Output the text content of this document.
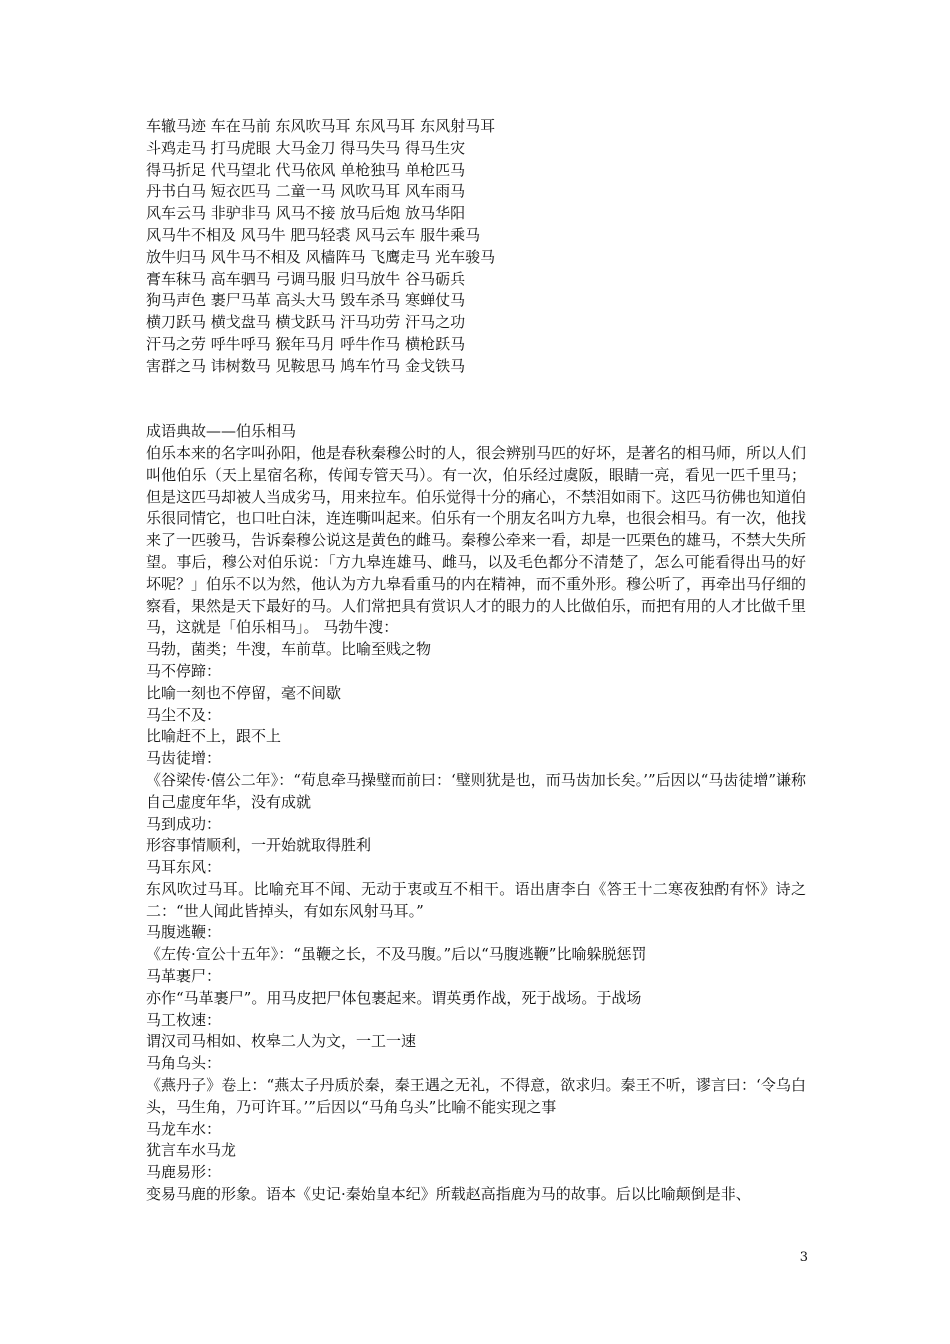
车辙马迹 车在马前 东风吹马耳 东风马耳 东风射马耳
斗鸡走马 打马虎眼 大马金刀 得马失马 得马生灾
得马折足 代马望北 代马依风 单枪独马 单枪匹马
丹书白马 短衣匹马 二童一马 风吹马耳 风车雨马
风车云马 非驴非马 风马不接 放马后炮 放马华阳
风马牛不相及 风马牛 肥马轻裘 风马云车 服牛乘马
放牛归马 风牛马不相及 风樯阵马 飞鹰走马 光车骏马
膏车秣马 高车驷马 弓调马服 归马放牛 谷马砺兵
狗马声色 裹尸马革 高头大马 毁车杀马 寒蝉仗马
横刀跃马 横戈盘马 横戈跃马 汗马功劳 汗马之功
汗马之劳 呼牛呼马 猴年马月 呼牛作马 横枪跃马
害群之马 讳树数马 见鞍思马 鸠车竹马 金戈铁马
成语典故——伯乐相马
伯乐本来的名字叫孙阳，他是春秋秦穆公时的人，很会辨别马匹的好坏，是著名的相马师，所以人们叫他伯乐（天上星宿名称，传闻专管天马）。有一次，伯乐经过虞阪，眼睛一亮，看见一匹千里马；但是这匹马却被人当成劣马，用来拉车。伯乐觉得十分的痛心，不禁泪如雨下。这匹马彷佛也知道伯乐很同情它，也口吐白沫，连连嘶叫起来。伯乐有一个朋友名叫方九皋，也很会相马。有一次，他找来了一匹骏马，告诉秦穆公说这是黄色的雌马。秦穆公牵来一看，却是一匹栗色的雄马，不禁大失所望。事后，穆公对伯乐说：「方九皋连雄马、雌马，以及毛色都分不清楚了，怎么可能看得出马的好坏呢？」伯乐不以为然，他认为方九皋看重马的内在精神，而不重外形。穆公听了，再牵出马仔细的察看，果然是天下最好的马。人们常把具有赏识人才的眼力的人比做伯乐，而把有用的人才比做千里马，这就是「伯乐相马」。 马勃牛溲：
马勃，菌类；牛溲，车前草。比喻至贱之物
马不停蹄：
比喻一刻也不停留，毫不间歇
马尘不及：
比喻赶不上，跟不上
马齿徒增：
《谷梁传·僖公二年》：“荀息牵马操璧而前曰：‘璧则犹是也，而马齿加长矣。’”后因以“马齿徒增”谦称自己虚度年华，没有成就
马到成功：
形容事情顺利，一开始就取得胜利
马耳东风：
东风吹过马耳。比喻充耳不闻、无动于衷或互不相干。语出唐李白《答王十二寒夜独酌有怀》诗之二：“世人闻此皆掉头，有如东风射马耳。”
马腹逃鞭：
《左传·宣公十五年》：“虽鞭之长，不及马腹。”后以“马腹逃鞭”比喻躲脱惩罚
马革裹尸：
亦作“马革裹尸”。用马皮把尸体包裹起来。谓英勇作战，死于战场。于战场
马工枚速：
谓汉司马相如、枚皋二人为文，一工一速
马角乌头：
《燕丹子》卷上：“燕太子丹质於秦，秦王遇之无礼，不得意，欲求归。秦王不听，谬言曰：‘令乌白头，马生角，乃可许耳。’”后因以“马角乌头”比喻不能实现之事
马龙车水：
犹言车水马龙
马鹿易形：
变易马鹿的形象。语本《史记·秦始皇本纪》所载赵高指鹿为马的故事。后以比喻颠倒是非、
3
